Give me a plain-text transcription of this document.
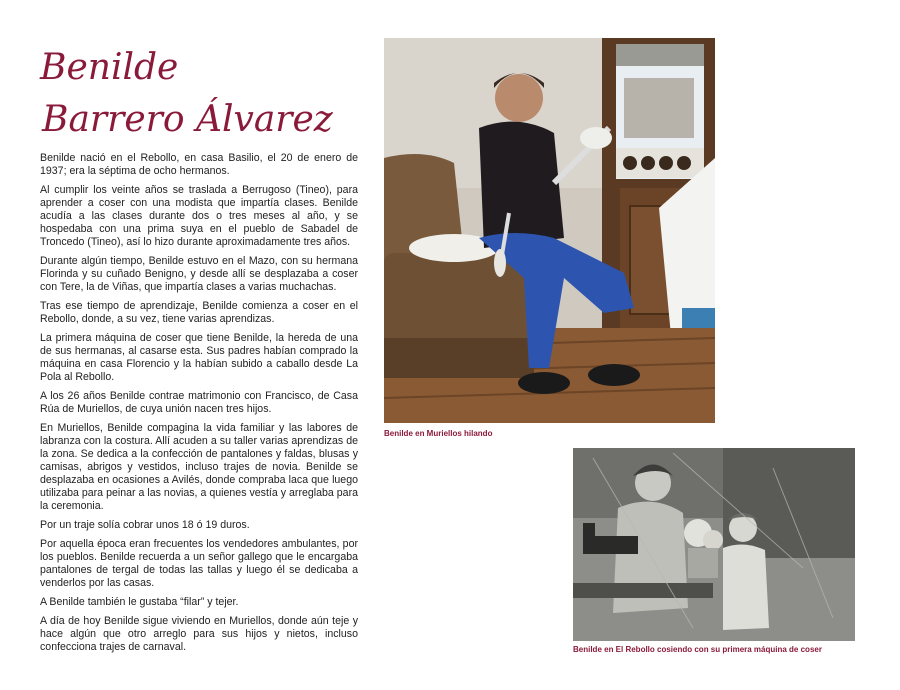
Benilde
Barrero Álvarez

Benilde nació en el Rebollo, en casa Basilio, el 20 de enero de 1937; era la séptima de ocho hermanos.

Al cumplir los veinte años se traslada a Berrugoso (Tineo), para aprender a coser con una modista que impartía clases. Benilde acudía a las clases durante dos o tres meses al año, y se hospedaba con una prima suya en el pueblo de Sabadel de Troncedo (Tineo), así lo hizo durante aproximadamente tres años.

Durante algún tiempo, Benilde estuvo en el Mazo, con su hermana Florinda y su cuñado Benigno, y desde allí se desplazaba a coser con Tere, la de Viñas, que impartía clases a varias muchachas.

Tras ese tiempo de aprendizaje, Benilde comienza a coser en el Rebollo, donde, a su vez, tiene varias aprendizas.

La primera máquina de coser que tiene Benilde, la hereda de una de sus hermanas, al casarse esta. Sus padres habían comprado la máquina en casa Florencio y la habían subido a caballo desde La Pola al Rebollo.

A los 26 años Benilde contrae matrimonio con Francisco, de Casa Rúa de Muriellos, de cuya unión nacen tres hijos.

En Muriellos, Benilde compagina la vida familiar y las labores de labranza con la costura. Allí acuden a su taller varias aprendizas de la zona. Se dedica a la confección de pantalones y faldas, blusas y camisas, abrigos y vestidos, incluso trajes de novia. Benilde se desplazaba en ocasiones a Avilés, donde compraba laca que luego utilizaba para peinar a las novias, a quienes vestía y arreglaba para la ceremonia.

Por un traje solía cobrar unos 18 ó 19 duros.

Por aquella época eran frecuentes los vendedores ambulantes, por los pueblos. Benilde recuerda a un señor gallego que le encargaba pantalones de tergal de todas las tallas y luego él se dedicaba a venderlos por las casas.

A Benilde también le gustaba “filar” y tejer.

A día de hoy Benilde sigue viviendo en Muriellos, donde aún teje y hace algún que otro arreglo para sus hijos y nietos, incluso confecciona trajes de carnaval.

Benilde en Muriellos hilando
Benilde en El Rebollo cosiendo con su primera máquina de coser
